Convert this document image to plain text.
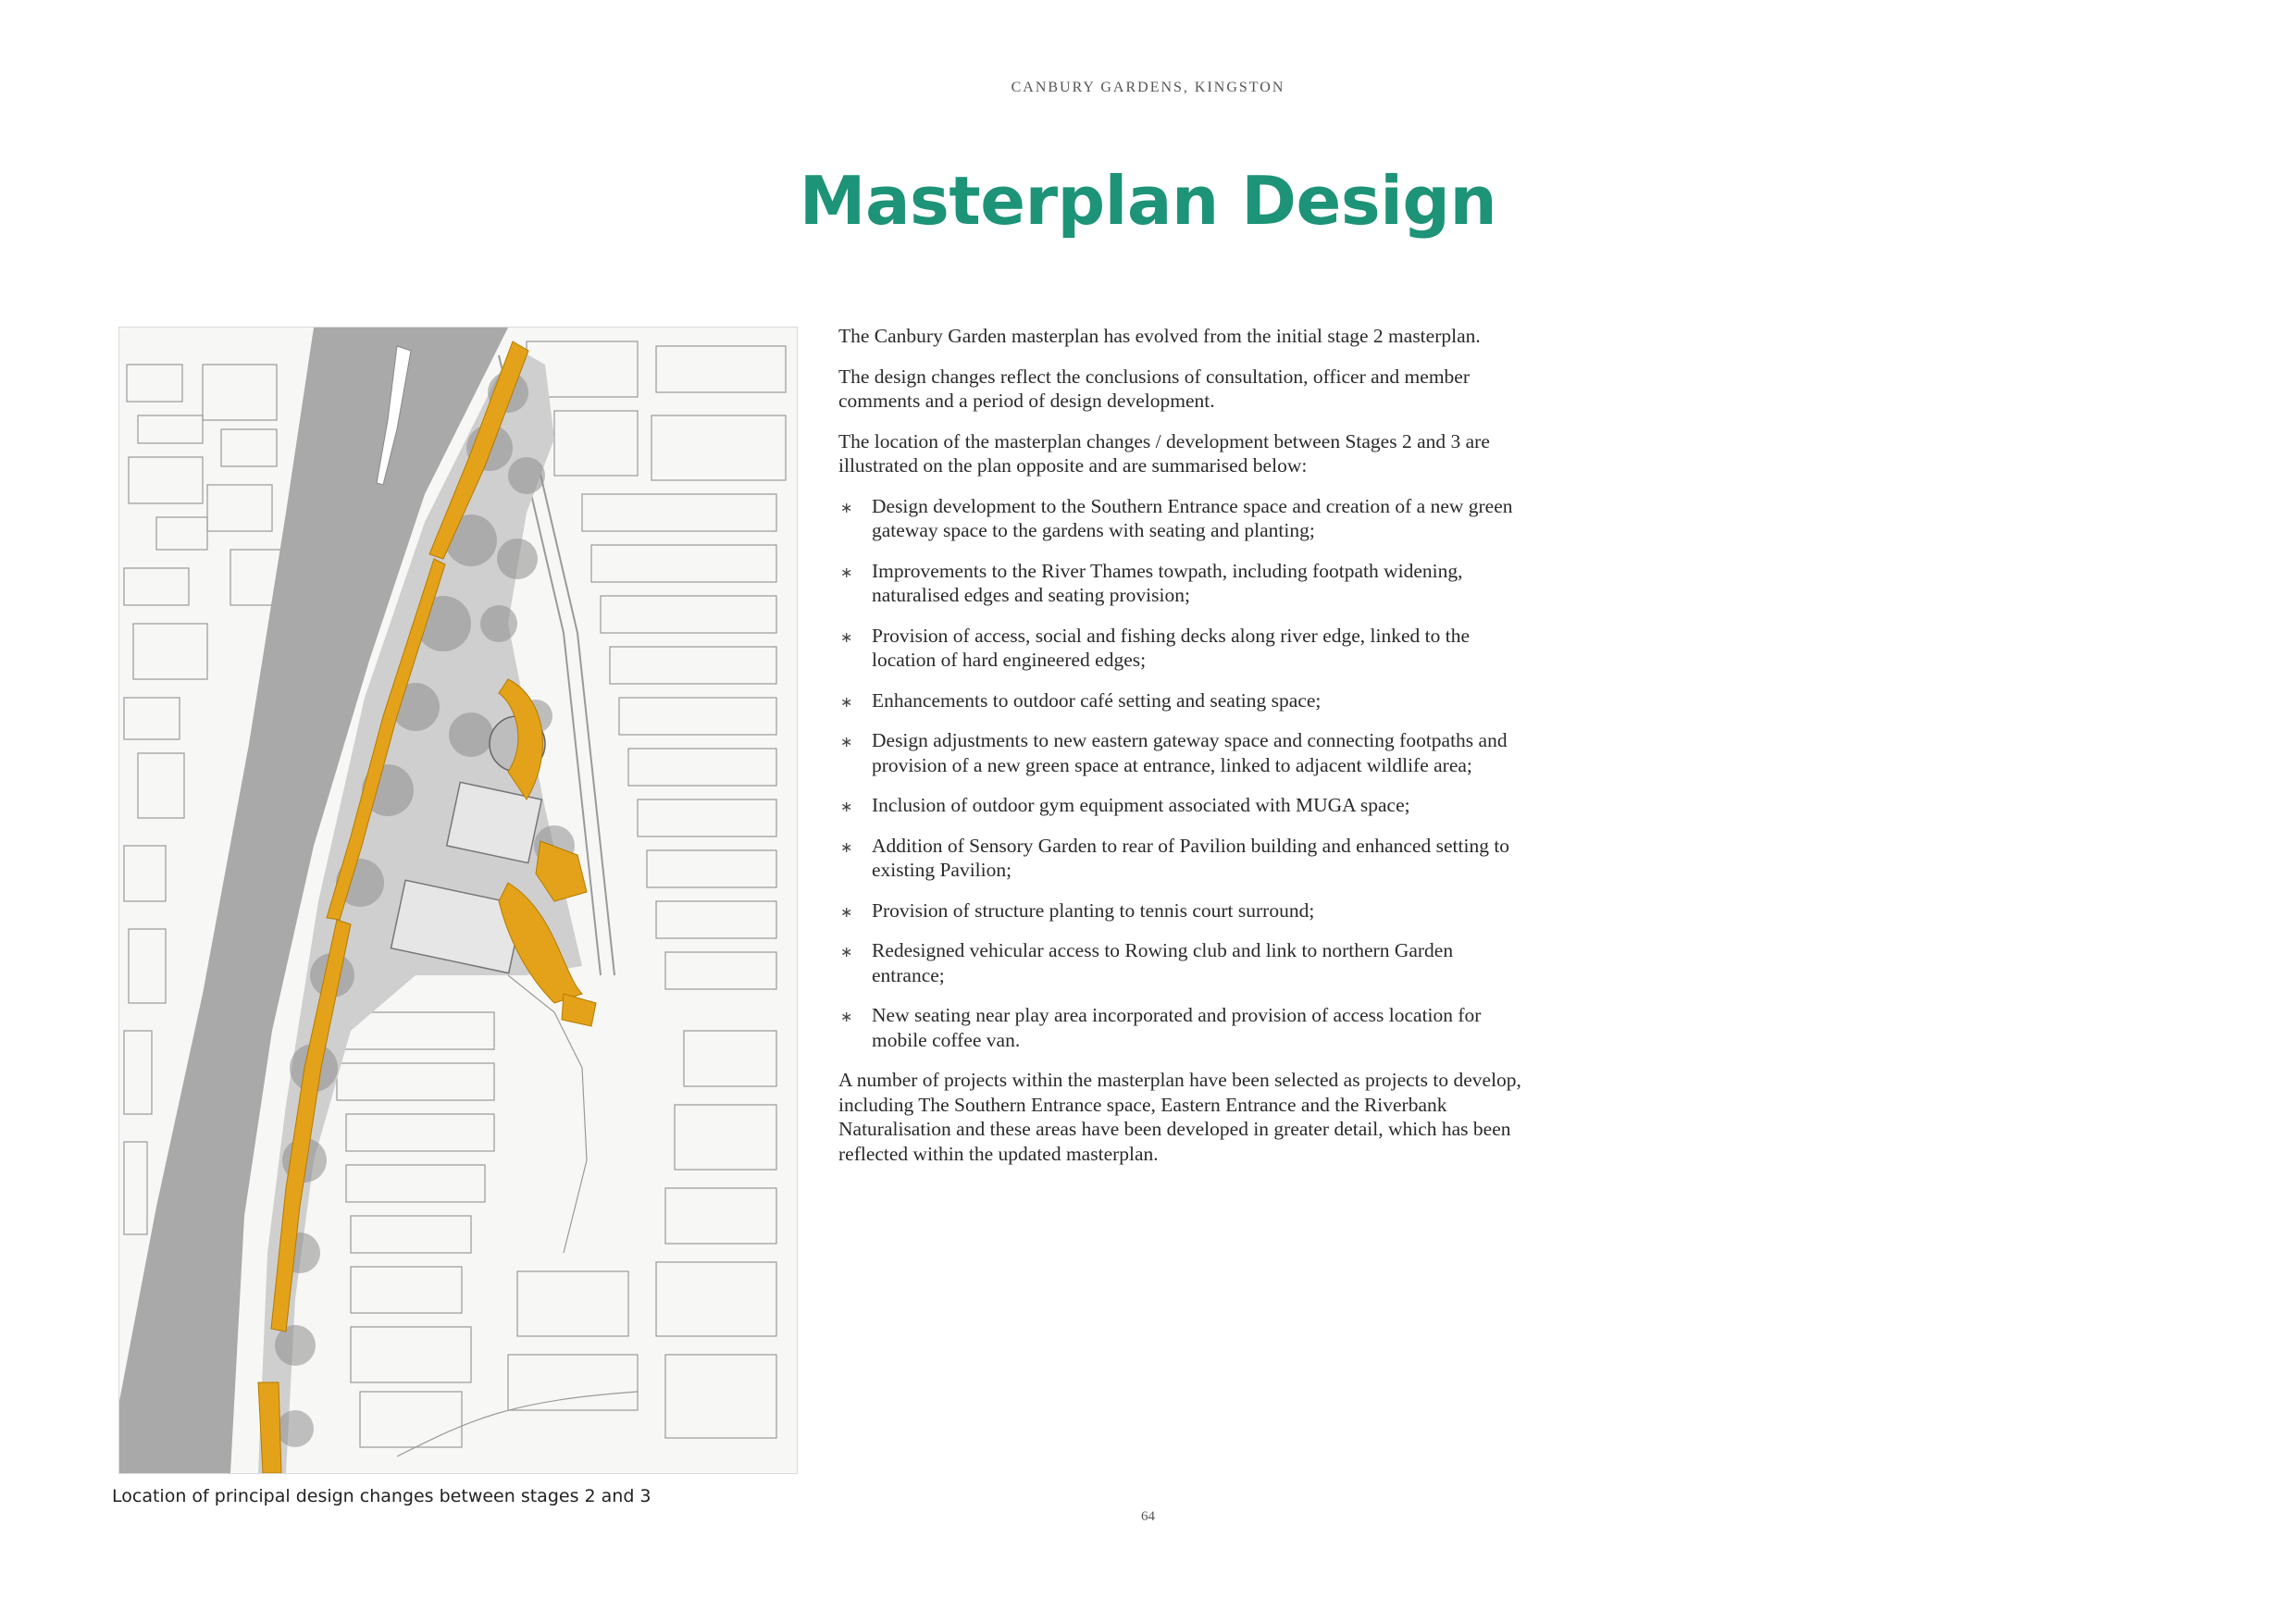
CANBURY GARDENS, KINGSTON
Masterplan Design
Location of principal design changes between stages 2 and 3

The Canbury Garden masterplan has evolved from the initial stage 2 masterplan.

The design changes reflect the conclusions of consultation, officer and member comments and a period of design development.

The location of the masterplan changes / development between Stages 2 and 3 are illustrated on the plan opposite and are summarised below:

∗ Design development to the Southern Entrance space and creation of a new green gateway space to the gardens with seating and planting;
∗ Improvements to the River Thames towpath, including footpath widening, naturalised edges and seating provision;
∗ Provision of access, social and fishing decks along river edge, linked to the location of hard engineered edges;
∗ Enhancements to outdoor café setting and seating space;
∗ Design adjustments to new eastern gateway space and connecting footpaths and provision of a new green space at entrance, linked to adjacent wildlife area;
∗ Inclusion of outdoor gym equipment associated with MUGA space;
∗ Addition of Sensory Garden to rear of Pavilion building and enhanced setting to existing Pavilion;
∗ Provision of structure planting to tennis court surround;
∗ Redesigned vehicular access to Rowing club and link to northern Garden entrance;
∗ New seating near play area incorporated and provision of access location for mobile coffee van.

A number of projects within the masterplan have been selected as projects to develop, including The Southern Entrance space, Eastern Entrance and the Riverbank Naturalisation and these areas have been developed in greater detail, which has been reflected within the updated masterplan.

64
